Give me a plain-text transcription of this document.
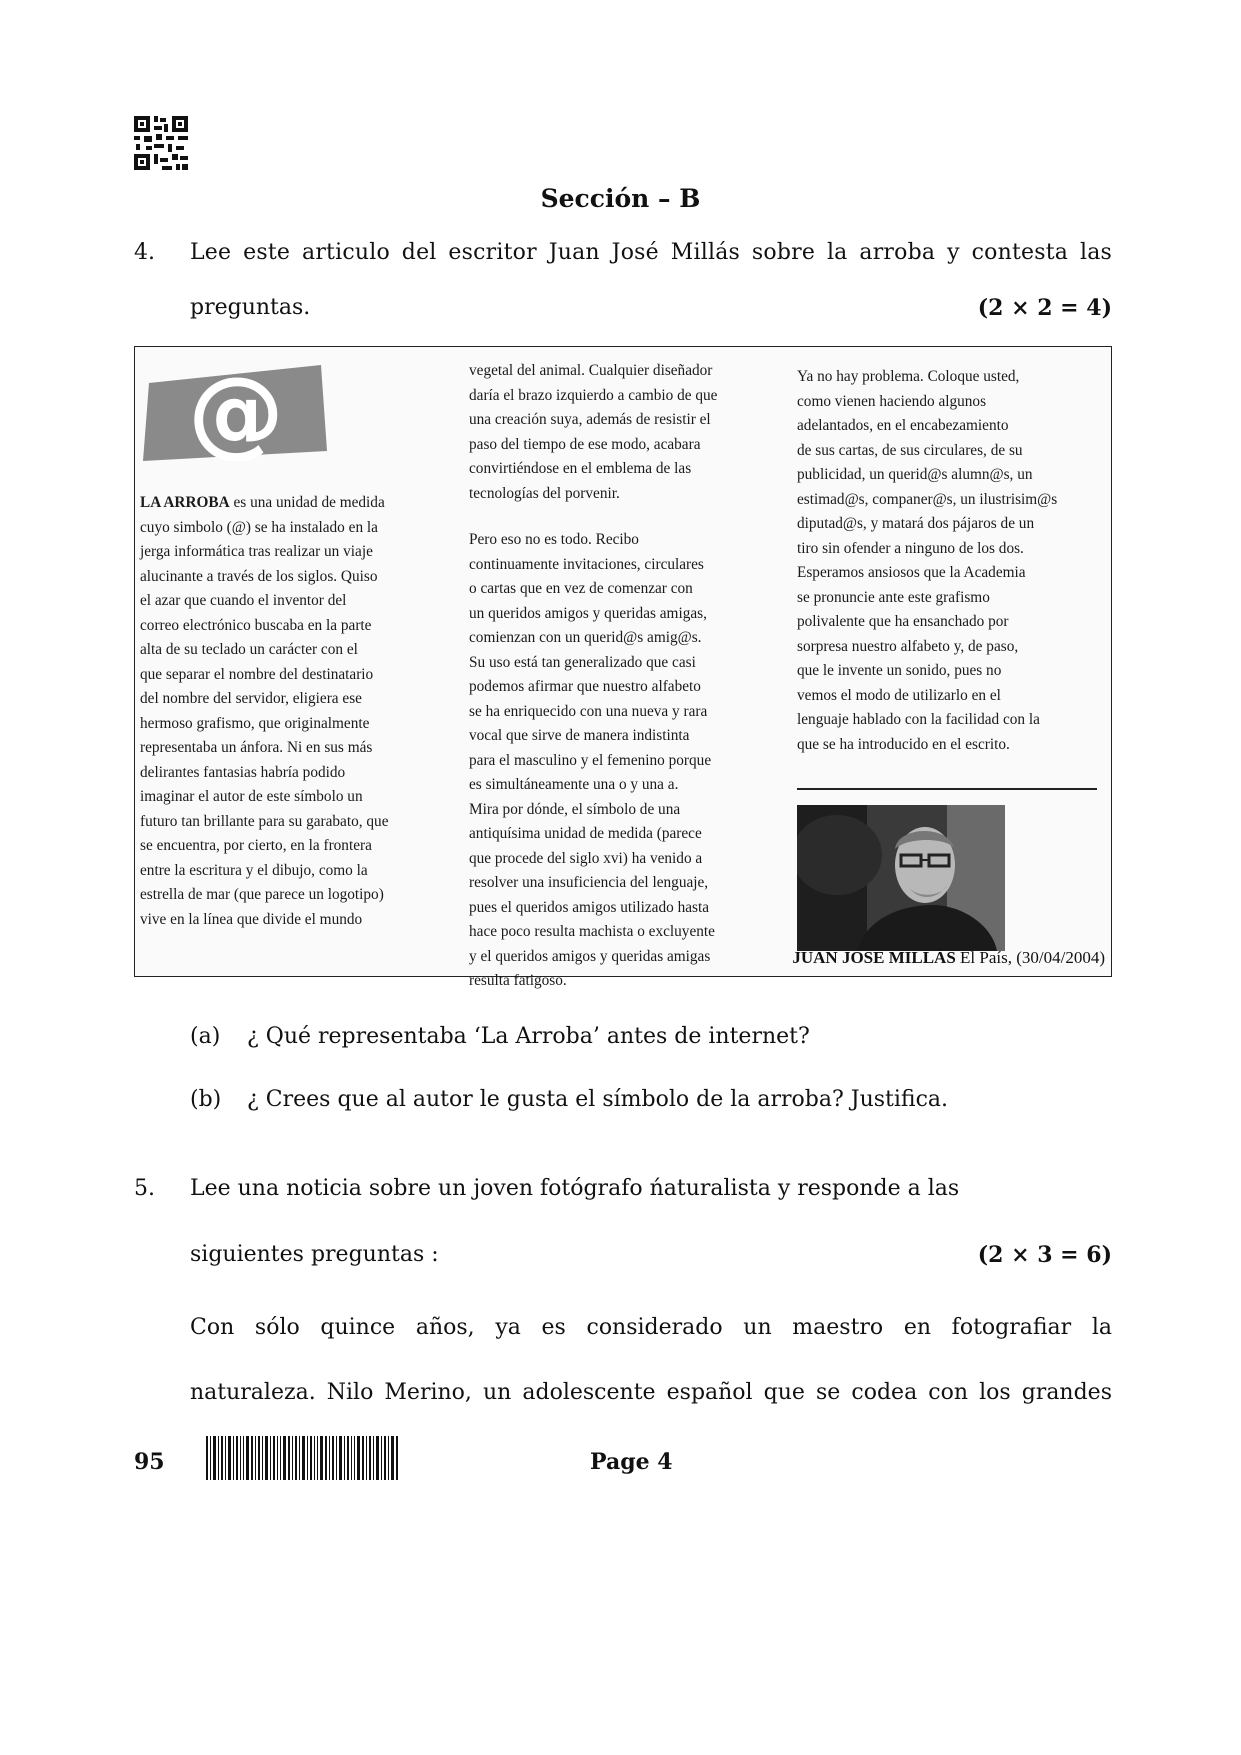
Sección – B
4. Lee este articulo del escritor Juan José Millás sobre la arroba y contesta las
preguntas.	(2 × 2 = 4)
@

LA ARROBA es una unidad de medida

cuyo simbolo (@) se ha instalado en la

jerga informática tras realizar un viaje

alucinante a través de los siglos. Quiso

el azar que cuando el inventor del

correo electrónico buscaba en la parte

alta de su teclado un carácter con el

que separar el nombre del destinatario

del nombre del servidor, eligiera ese

hermoso grafismo, que originalmente

representaba un ánfora. Ni en sus más

delirantes fantasias habría podido

imaginar el autor de este símbolo un

futuro tan brillante para su garabato, que

se encuentra, por cierto, en la frontera

entre la escritura y el dibujo, como la

estrella de mar (que parece un logotipo)

vive en la línea que divide el mundo

vegetal del animal. Cualquier diseñador

daría el brazo izquierdo a cambio de que

una creación suya, además de resistir el

paso del tiempo de ese modo, acabara

convirtiéndose en el emblema de las

tecnologías del porvenir.

Pero eso no es todo. Recibo

continuamente invitaciones, circulares

o cartas que en vez de comenzar con

un queridos amigos y queridas amigas,

comienzan con un querid@s amig@s.

Su uso está tan generalizado que casi

podemos afirmar que nuestro alfabeto

se ha enriquecido con una nueva y rara

vocal que sirve de manera indistinta

para el masculino y el femenino porque

es simultáneamente una o y una a.

Mira por dónde, el símbolo de una

antiquísima unidad de medida (parece

que procede del siglo xvi) ha venido a

resolver una insuficiencia del lenguaje,

pues el queridos amigos utilizado hasta

hace poco resulta machista o excluyente

y el queridos amigos y queridas amigas

resulta fatigoso.

Ya no hay problema. Coloque usted,

como vienen haciendo algunos

adelantados, en el encabezamiento

de sus cartas, de sus circulares, de su

publicidad, un querid@s alumn@s, un

estimad@s, companer@s, un ilustrisim@s

diputad@s, y matará dos pájaros de un

tiro sin ofender a ninguno de los dos.

Esperamos ansiosos que la Academia

se pronuncie ante este grafismo

polivalente que ha ensanchado por

sorpresa nuestro alfabeto y, de paso,

que le invente un sonido, pues no

vemos el modo de utilizarlo en el

lenguaje hablado con la facilidad con la

que se ha introducido en el escrito.

JUAN JOSE MILLÁS El País, (30/04/2004)
(a) ¿ Qué representaba ‘La Arroba’ antes de internet?
(b) ¿ Crees que al autor le gusta el símbolo de la arroba? Justifica.
5. Lee una noticia sobre un joven fotógrafo ńaturalista y responde a las
siguientes preguntas :	(2 × 3 = 6)
Con sólo quince años, ya es considerado un maestro en fotografiar la
naturaleza. Nilo Merino, un adolescente español que se codea con los grandes
95	Page 4
